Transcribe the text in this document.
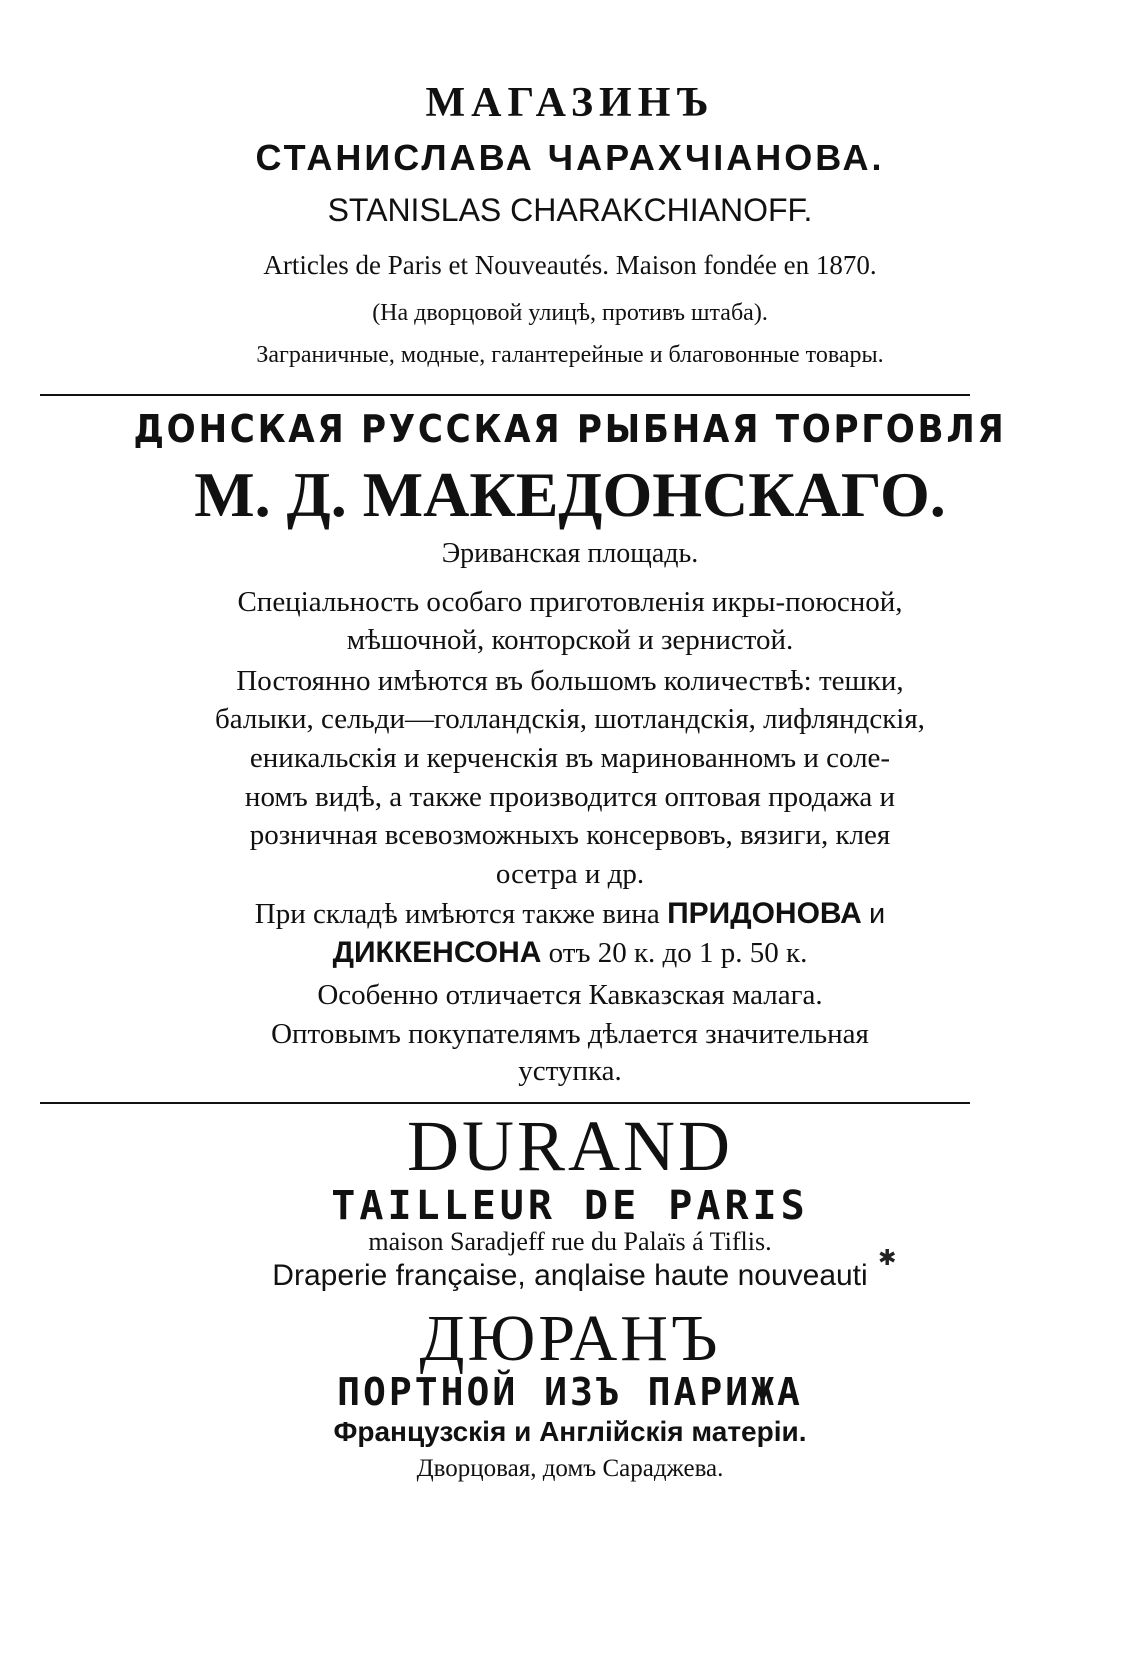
МАГАЗИНЪ
СТАНИСЛАВА ЧАРАХЧІАНОВА.
STANISLAS CHARAKCHIANOFF.
Articles de Paris et Nouveautés. Maison fondée en 1870.
(На дворцовой улицѣ, противъ штаба).
Заграничные, модные, галантерейные и благовонные товары.
ДОНСКАЯ РУССКАЯ РЫБНАЯ ТОРГОВЛЯ
М. Д. МАКЕДОНСКАГО.
Эриванская площадь.
Спеціальность особаго приготовленія икры-поюсной,
мѣшочной, конторской и зернистой.
Постоянно имѣются въ большомъ количествѣ: тешки,
балыки, сельди—голландскія, шотландскія, лифляндскія,
еникальскія и керченскія въ маринованномъ и соле-
номъ видѣ, а также производится оптовая продажа и
розничная всевозможныхъ консервовъ, вязиги, клея
осетра и др.
При складѣ имѣются также вина ПРИДОНОВА и
ДИККЕНСОНА отъ 20 к. до 1 р. 50 к.
Особенно отличается Кавказская малага.
Оптовымъ покупателямъ дѣлается значительная
уступка.
DURAND
TAILLEUR DE PARIS
maison Saradjeff rue du Palaïs á Tiflis.
Draperie française, anqlaise haute nouveauti
ДЮРАНЪ
ПОРТНОЙ ИЗЪ ПАРИЖА
Французскія и Англійскія матеріи.
Дворцовая, домъ Сараджева.
✱
